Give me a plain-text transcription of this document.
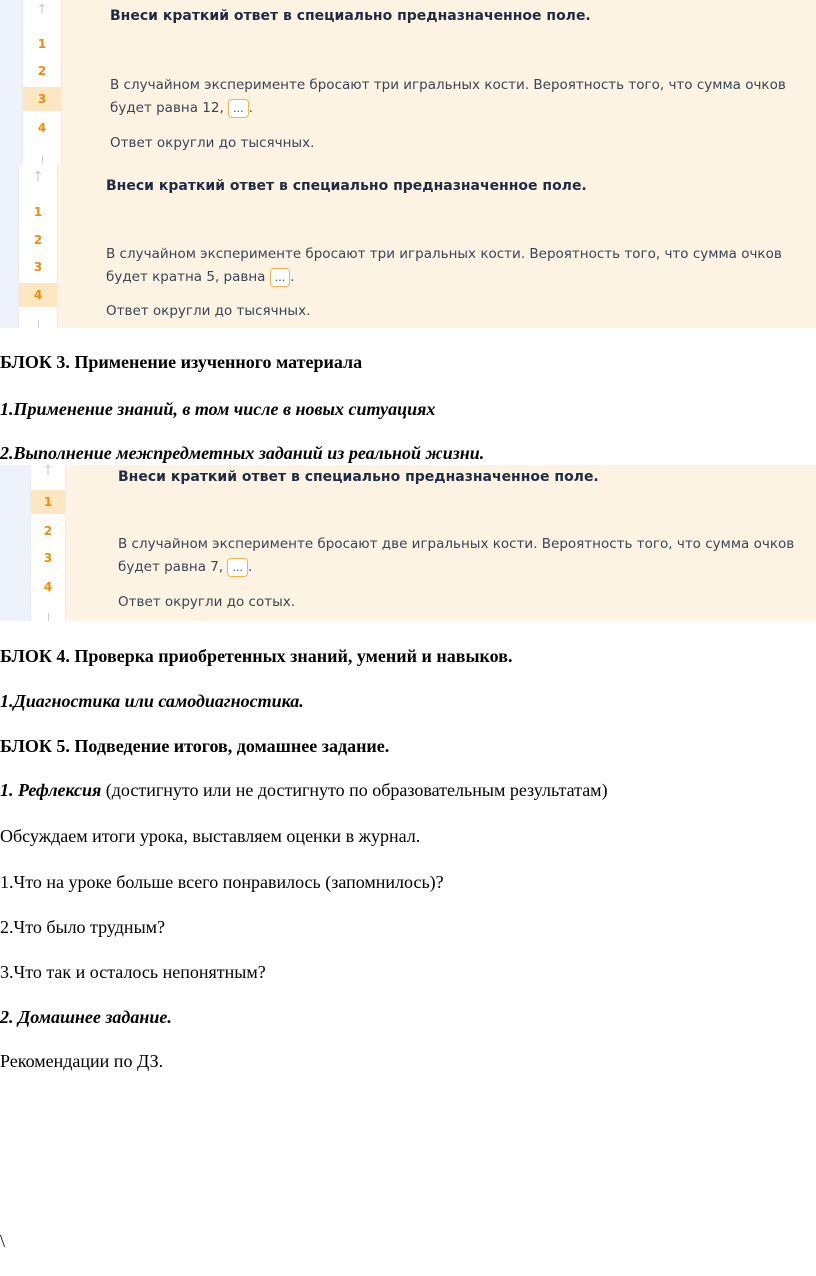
↑
1
2
3
4
Внеси краткий ответ в специально предназначенное поле.
В случайном эксперименте бросают три игральных кости. Вероятность того, что сумма очков
будет равна 12, ... .
Ответ округли до тысячных.
↑
1
2
3
4
Внеси краткий ответ в специально предназначенное поле.
В случайном эксперименте бросают три игральных кости. Вероятность того, что сумма очков
будет кратна 5, равна ... .
Ответ округли до тысячных.
БЛОК 3. Применение изученного материала
1.Применение знаний, в том числе в новых ситуациях
2.Выполнение межпредметных заданий из реальной жизни.
↑
1
2
3
4
Внеси краткий ответ в специально предназначенное поле.
В случайном эксперименте бросают две игральных кости. Вероятность того, что сумма очков
будет равна 7, ... .
Ответ округли до сотых.
БЛОК 4. Проверка приобретенных знаний, умений и навыков.
1.Диагностика или самодиагностика.
БЛОК 5. Подведение итогов, домашнее задание.
1. Рефлексия (достигнуто или не достигнуто по образовательным результатам)
Обсуждаем итоги урока, выставляем оценки в журнал.
1.Что на уроке больше всего понравилось (запомнилось)?
2.Что было трудным?
3.Что так и осталось непонятным?
2. Домашнее задание.
Рекомендации по ДЗ.
\
